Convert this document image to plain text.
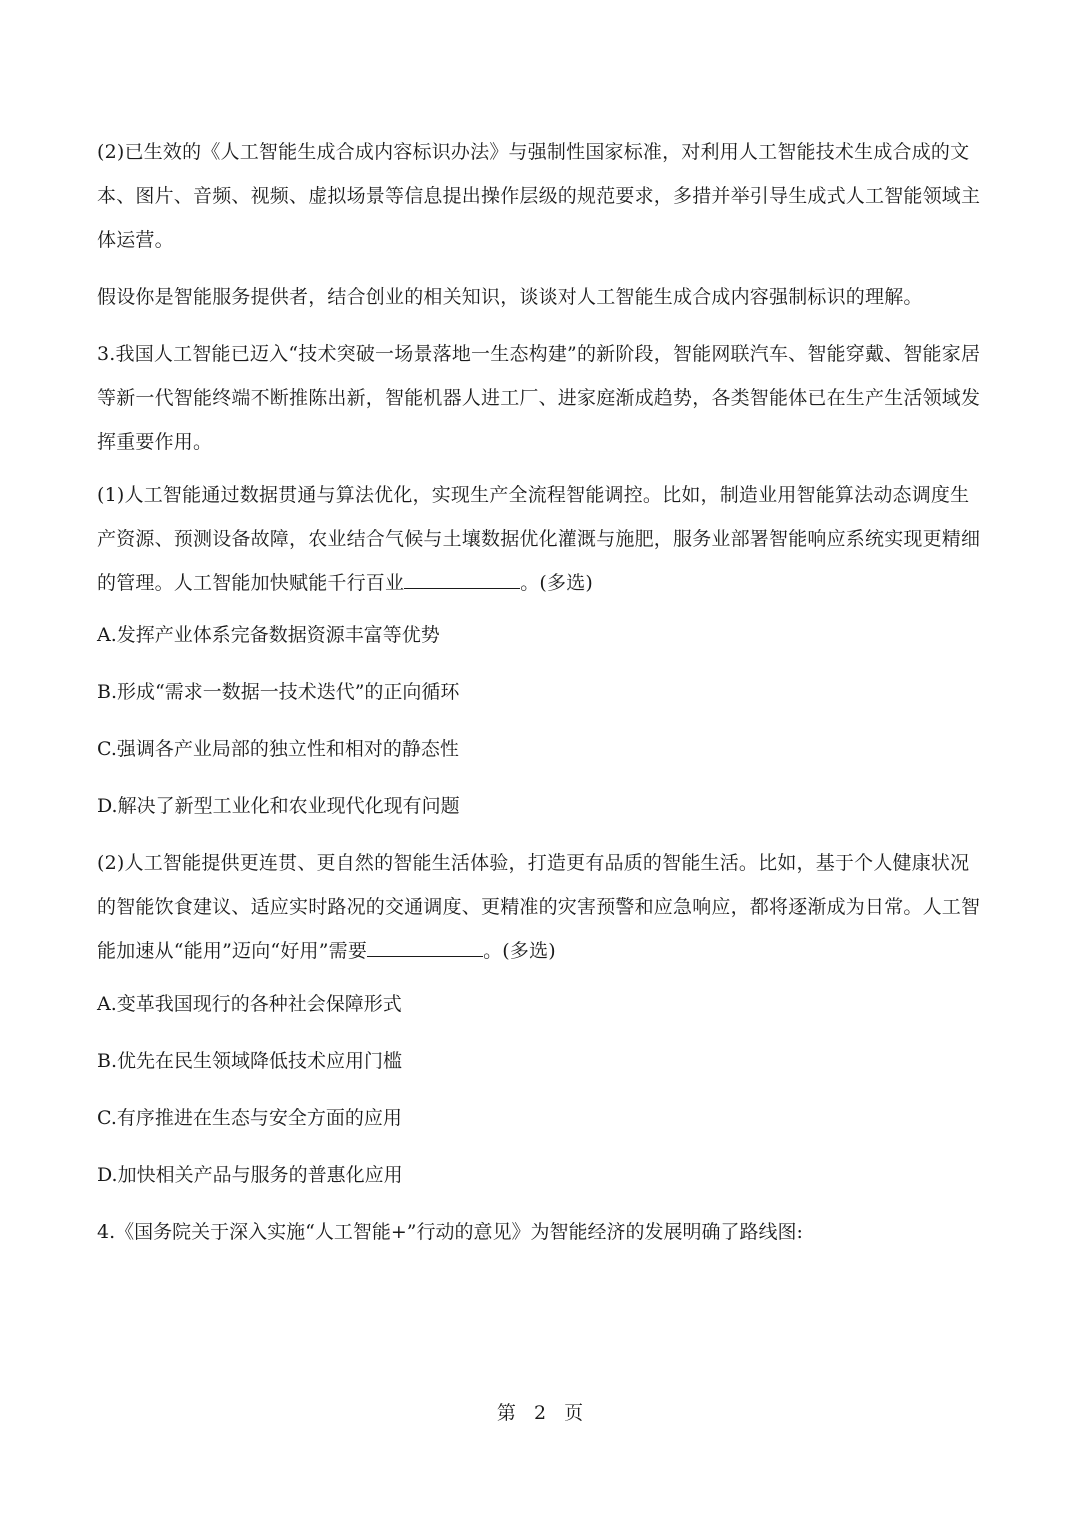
(2)已生效的《人工智能生成合成内容标识办法》与强制性国家标准，对利用人工智能技术生成合成的文本、图片、音频、视频、虚拟场景等信息提出操作层级的规范要求，多措并举引导生成式人工智能领域主体运营。

假设你是智能服务提供者，结合创业的相关知识，谈谈对人工智能生成合成内容强制标识的理解。

3.我国人工智能已迈入“技术突破一场景落地一生态构建”的新阶段，智能网联汽车、智能穿戴、智能家居等新一代智能终端不断推陈出新，智能机器人进工厂、进家庭渐成趋势，各类智能体已在生产生活领域发挥重要作用。

(1)人工智能通过数据贯通与算法优化，实现生产全流程智能调控。比如，制造业用智能算法动态调度生产资源、预测设备故障，农业结合气候与土壤数据优化灌溉与施肥，服务业部署智能响应系统实现更精细的管理。人工智能加快赋能千行百业	。(多选)

A.发挥产业体系完备数据资源丰富等优势

B.形成“需求一数据一技术迭代”的正向循环

C.强调各产业局部的独立性和相对的静态性

D.解决了新型工业化和农业现代化现有问题

(2)人工智能提供更连贯、更自然的智能生活体验，打造更有品质的智能生活。比如，基于个人健康状况的智能饮食建议、适应实时路况的交通调度、更精准的灾害预警和应急响应，都将逐渐成为日常。人工智能加速从“能用”迈向“好用”需要	。(多选)

A.变革我国现行的各种社会保障形式

B.优先在民生领域降低技术应用门槛

C.有序推进在生态与安全方面的应用

D.加快相关产品与服务的普惠化应用

4.《国务院关于深入实施“人工智能+”行动的意见》为智能经济的发展明确了路线图:

第 2 页
